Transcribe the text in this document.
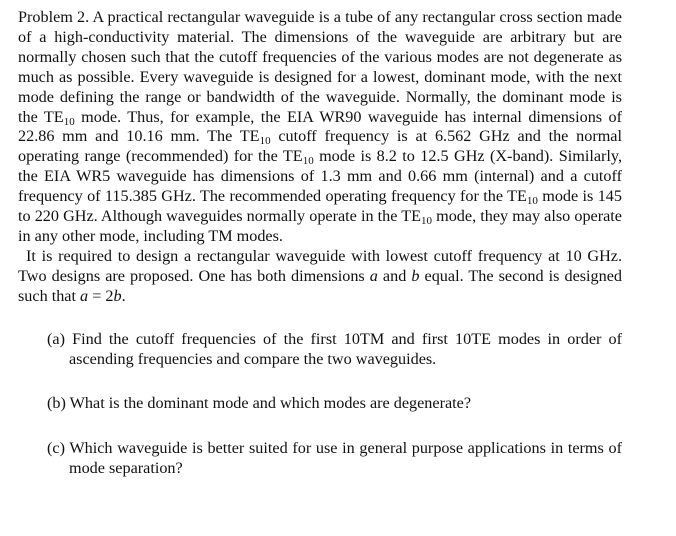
Problem 2. A practical rectangular waveguide is a tube of any rectangular cross section made of a high-conductivity material. The dimensions of the waveguide are arbitrary but are normally chosen such that the cutoff frequencies of the various modes are not degenerate as much as possible. Every waveguide is designed for a lowest, dominant mode, with the next mode defining the range or bandwidth of the waveguide. Normally, the dominant mode is the $TE_{10}$ mode. Thus, for example, the EIA WR90 waveguide has internal dimensions of 22.86 mm and 10.16 mm. The $TE_{10}$ cutoff frequency is at 6.562 GHz and the normal operating range (recommended) for the $TE_{10}$ mode is 8.2 to 12.5 GHz (X-band). Similarly, the EIA WR5 waveguide has dimensions of 1.3 mm and 0.66 mm (internal) and a cutoff frequency of 115.385 GHz. The recommended operating frequency for the $TE_{10}$ mode is 145 to 220 GHz. Although waveguides normally operate in the $TE_{10}$ mode, they may also operate in any other mode, including TM modes.

It is required to design a rectangular waveguide with lowest cutoff frequency at 10 GHz. Two designs are proposed. One has both dimensions a and b equal. The second is designed such that a = 2b.

(a) Find the cutoff frequencies of the first 10TM and first 10TE modes in order of ascending frequencies and compare the two waveguides.

(b) What is the dominant mode and which modes are degenerate?

(c) Which waveguide is better suited for use in general purpose applications in terms of mode separation?
